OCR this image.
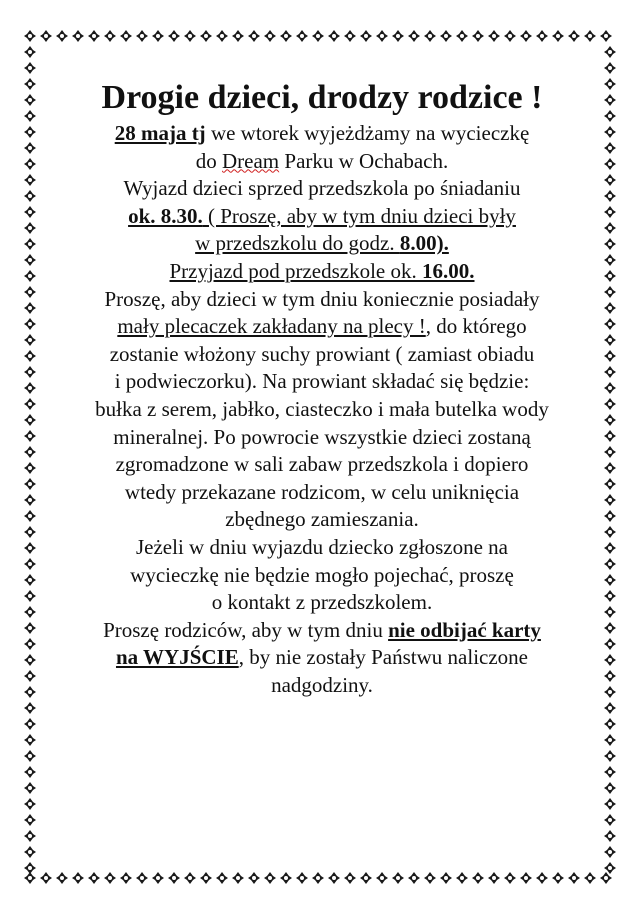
Drogie dzieci, drodzy rodzice !
28 maja tj we wtorek wyjeżdżamy na wycieczkę
do Dream Parku w Ochabach.
Wyjazd dzieci sprzed przedszkola po śniadaniu
ok. 8.30. ( Proszę, aby w tym dniu dzieci były
w przedszkolu do godz. 8.00).
Przyjazd pod przedszkole ok. 16.00.
Proszę, aby dzieci w tym dniu koniecznie posiadały
mały plecaczek zakładany na plecy !, do którego
zostanie włożony suchy prowiant ( zamiast obiadu
i podwieczorku). Na prowiant składać się będzie:
bułka z serem, jabłko, ciasteczko i mała butelka wody
mineralnej. Po powrocie wszystkie dzieci zostaną
zgromadzone w sali zabaw przedszkola i dopiero
wtedy przekazane rodzicom, w celu uniknięcia
zbędnego zamieszania.
Jeżeli w dniu wyjazdu dziecko zgłoszone na
wycieczkę nie będzie mogło pojechać, proszę
o kontakt z przedszkolem.
Proszę rodziców, aby w tym dniu nie odbijać karty
na WYJŚCIE, by nie zostały Państwu naliczone
nadgodziny.
